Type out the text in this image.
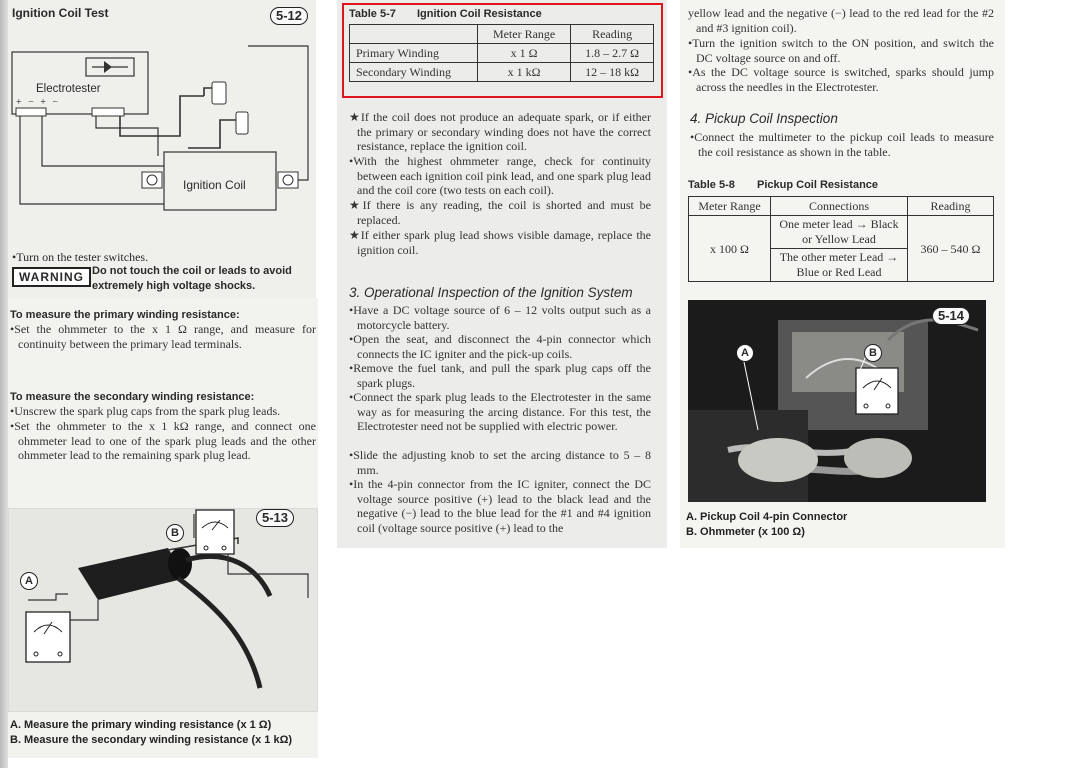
Ignition Coil Test	5-12
Electrotester
+ − + −
Ignition Coil
•Turn on the tester switches.
WARNING Do not touch the coil or leads to avoid extremely high voltage shocks.
To measure the primary winding resistance:
•Set the ohmmeter to the x 1 Ω range, and measure for continuity between the primary lead terminals.
To measure the secondary winding resistance:
•Unscrew the spark plug caps from the spark plug leads.
•Set the ohmmeter to the x 1 kΩ range, and connect one ohmmeter lead to one of the spark plug leads and the other ohmmeter lead to the remaining spark plug lead.
5-13
B
A
A. Measure the primary winding resistance (x 1 Ω)
B. Measure the secondary winding resistance (x 1 kΩ)
Table 5-7 Ignition Coil Resistance
	Meter Range	Reading
Primary Winding	x 1 Ω	1.8 – 2.7 Ω
Secondary Winding	x 1 kΩ	12 – 18 kΩ
★If the coil does not produce an adequate spark, or if either the primary or secondary winding does not have the correct resistance, replace the ignition coil.
•With the highest ohmmeter range, check for continuity between each ignition coil pink lead, and one spark plug lead and the coil core (two tests on each coil).
★If there is any reading, the coil is shorted and must be replaced.
★If either spark plug lead shows visible damage, replace the ignition coil.
3. Operational Inspection of the Ignition System
•Have a DC voltage source of 6 – 12 volts output such as a motorcycle battery.
•Open the seat, and disconnect the 4-pin connector which connects the IC igniter and the pick-up coils.
•Remove the fuel tank, and pull the spark plug caps off the spark plugs.
•Connect the spark plug leads to the Electrotester in the same way as for measuring the arcing distance. For this test, the Electrotester need not be supplied with electric power.
•Slide the adjusting knob to set the arcing distance to 5 – 8 mm.
•In the 4-pin connector from the IC igniter, connect the DC voltage source positive (+) lead to the black lead and the negative (−) lead to the blue lead for the #1 and #4 ignition coil (voltage source positive (+) lead to the
yellow lead and the negative (−) lead to the red lead for the #2 and #3 ignition coil).
•Turn the ignition switch to the ON position, and switch the DC voltage source on and off.
•As the DC voltage source is switched, sparks should jump across the needles in the Electrotester.
4. Pickup Coil Inspection
•Connect the multimeter to the pickup coil leads to measure the coil resistance as shown in the table.
Table 5-8 Pickup Coil Resistance
Meter Range	Connections	Reading
x 100 Ω	One meter lead → Black or Yellow Lead	360 – 540 Ω
	The other meter Lead → Blue or Red Lead	
5-14
A	B
A. Pickup Coil 4-pin Connector
B. Ohmmeter (x 100 Ω)
